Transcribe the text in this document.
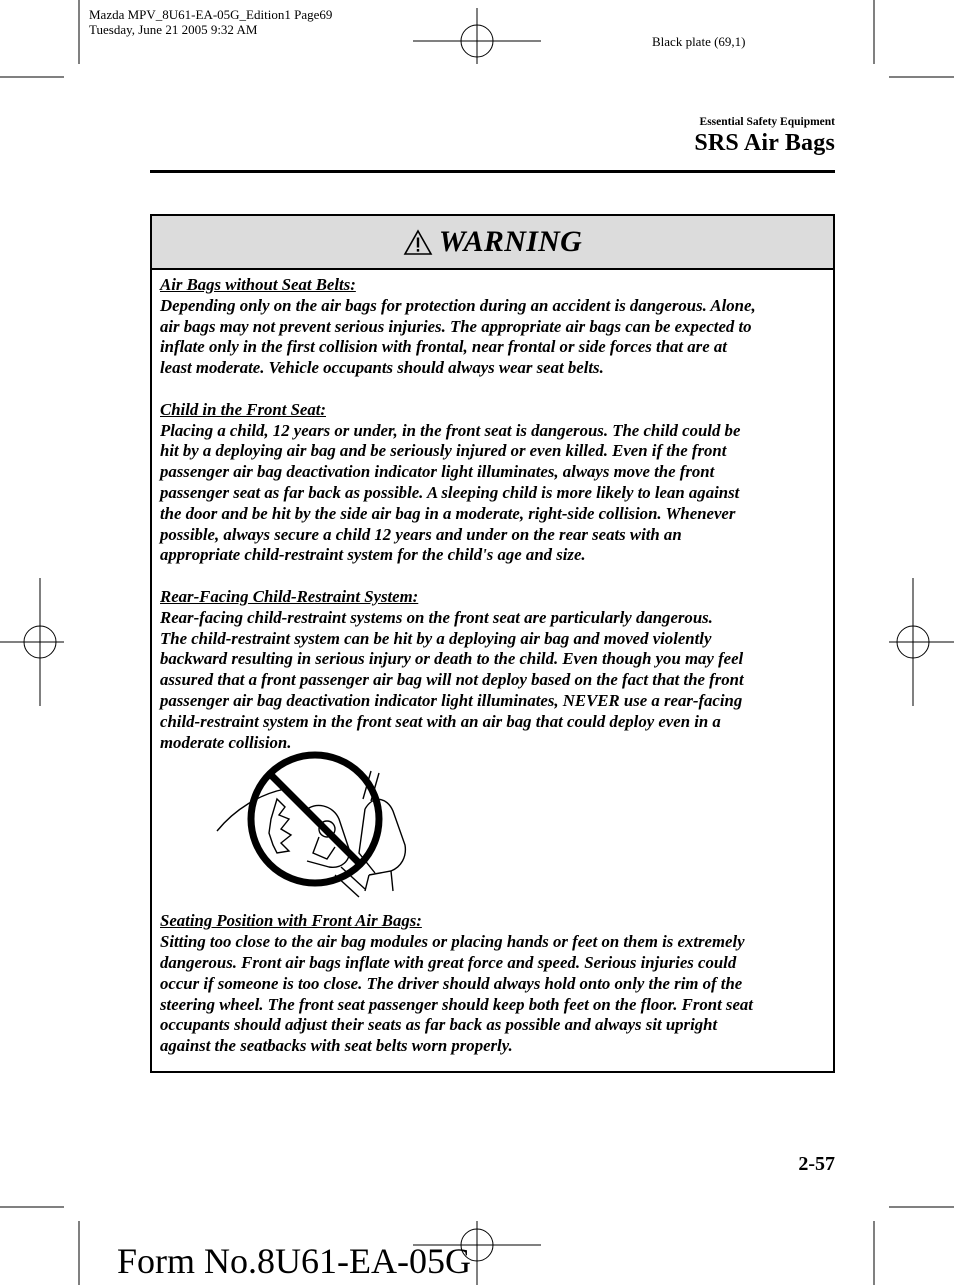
Mazda MPV_8U61-EA-05G_Edition1 Page69
Tuesday, June 21 2005 9:32 AM
Black plate (69,1)
Essential Safety Equipment
SRS Air Bags
WARNING
Air Bags without Seat Belts:

Depending only on the air bags for protection during an accident is dangerous. Alone,

air bags may not prevent serious injuries. The appropriate air bags can be expected to

inflate only in the first collision with frontal, near frontal or side forces that are at

least moderate. Vehicle occupants should always wear seat belts.

Child in the Front Seat:

Placing a child, 12 years or under, in the front seat is dangerous. The child could be

hit by a deploying air bag and be seriously injured or even killed. Even if the front

passenger air bag deactivation indicator light illuminates, always move the front

passenger seat as far back as possible. A sleeping child is more likely to lean against

the door and be hit by the side air bag in a moderate, right-side collision. Whenever

possible, always secure a child 12 years and under on the rear seats with an

appropriate child-restraint system for the child's age and size.

Rear-Facing Child-Restraint System:

Rear-facing child-restraint systems on the front seat are particularly dangerous.

The child-restraint system can be hit by a deploying air bag and moved violently

backward resulting in serious injury or death to the child. Even though you may feel

assured that a front passenger air bag will not deploy based on the fact that the front

passenger air bag deactivation indicator light illuminates, NEVER use a rear-facing

child-restraint system in the front seat with an air bag that could deploy even in a

moderate collision.

Seating Position with Front Air Bags:

Sitting too close to the air bag modules or placing hands or feet on them is extremely

dangerous. Front air bags inflate with great force and speed. Serious injuries could

occur if someone is too close. The driver should always hold onto only the rim of the

steering wheel. The front seat passenger should keep both feet on the floor. Front seat

occupants should adjust their seats as far back as possible and always sit upright

against the seatbacks with seat belts worn properly.

2-57
Form No.8U61-EA-05G
